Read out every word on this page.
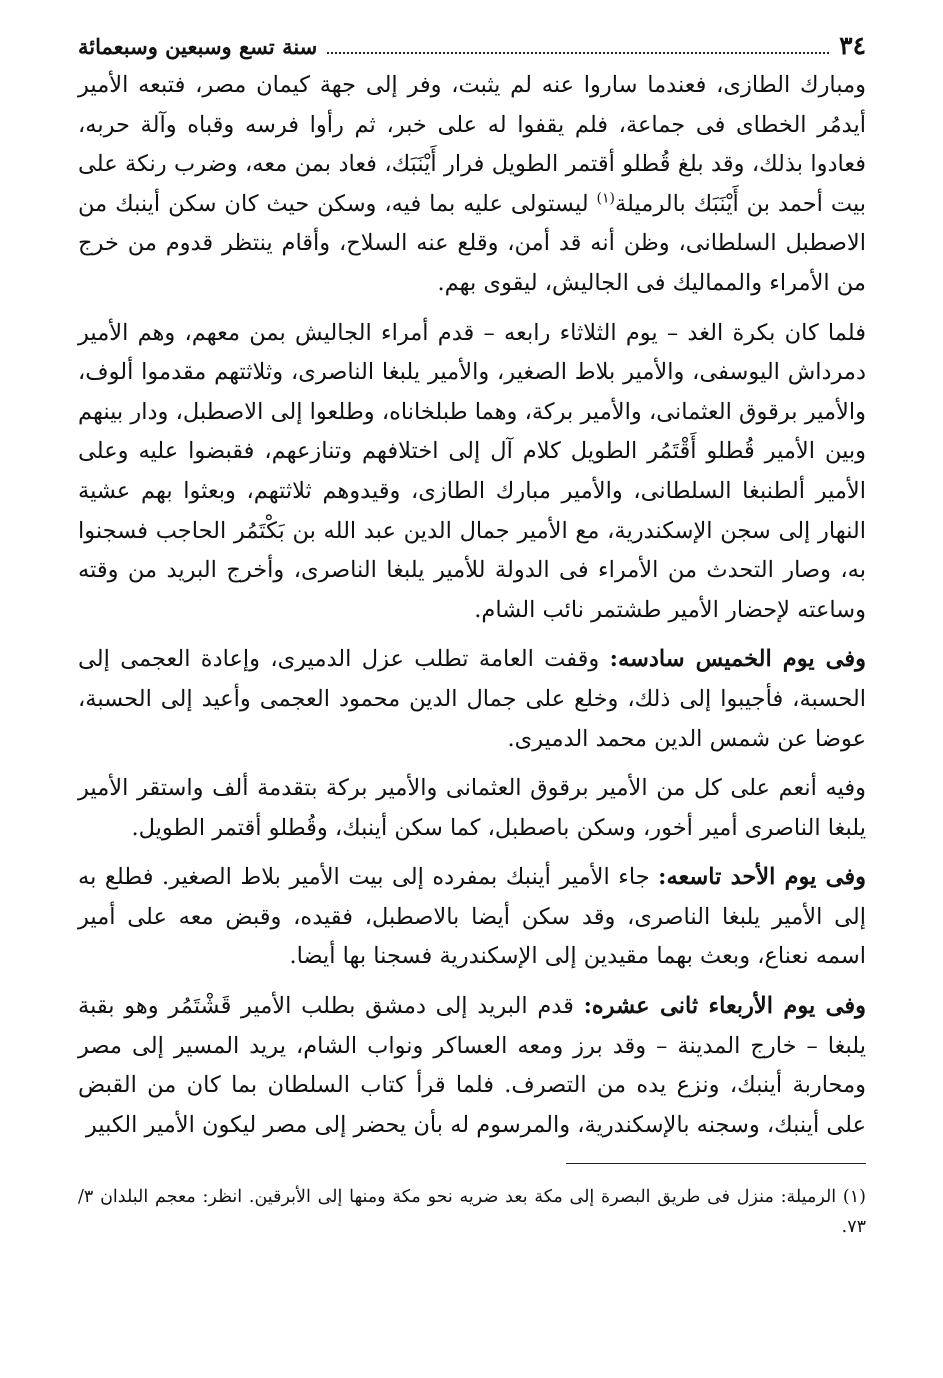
٣٤
سنة تسع وسبعين وسبعمائة

ومبارك الطازى، فعندما ساروا عنه لم يثبت، وفر إلى جهة كيمان مصر، فتبعه الأمير أيدمُر الخطاى فى جماعة، فلم يقفوا له على خبر، ثم رأوا فرسه وقباه وآلة حربه، فعادوا بذلك، وقد بلغ قُطلو أقتمر الطويل فرار أَيْنَبَك، فعاد بمن معه، وضرب رنكة على بيت أحمد بن أَيْنَبَك بالرميلة$^{(١)}$ ليستولى عليه بما فيه، وسكن حيث كان سكن أينبك من الاصطبل السلطانى، وظن أنه قد أمن، وقلع عنه السلاح، وأقام ينتظر قدوم من خرج من الأمراء والمماليك فى الجاليش، ليقوى بهم.

فلما كان بكرة الغد – يوم الثلاثاء رابعه – قدم أمراء الجاليش بمن معهم، وهم الأمير دمرداش اليوسفى، والأمير بلاط الصغير، والأمير يلبغا الناصرى، وثلاثتهم مقدموا ألوف، والأمير برقوق العثمانى، والأمير بركة، وهما طبلخاناه، وطلعوا إلى الاصطبل، ودار بينهم وبين الأمير قُطلو أَقْتَمُر الطويل كلام آل إلى اختلافهم وتنازعهم، فقبضوا عليه وعلى الأمير ألطنبغا السلطانى، والأمير مبارك الطازى، وقيدوهم ثلاثتهم، وبعثوا بهم عشية النهار إلى سجن الإسكندرية، مع الأمير جمال الدين عبد الله بن بَكْتَمُر الحاجب فسجنوا به، وصار التحدث من الأمراء فى الدولة للأمير يلبغا الناصرى، وأخرج البريد من وقته وساعته لإحضار الأمير طشتمر نائب الشام.

وفى يوم الخميس سادسه: وقفت العامة تطلب عزل الدميرى، وإعادة العجمى إلى الحسبة، فأجيبوا إلى ذلك، وخلع على جمال الدين محمود العجمى وأعيد إلى الحسبة، عوضا عن شمس الدين محمد الدميرى.

وفيه أنعم على كل من الأمير برقوق العثمانى والأمير بركة بتقدمة ألف واستقر الأمير يلبغا الناصرى أمير أخور، وسكن باصطبل، كما سكن أينبك، وقُطلو أقتمر الطويل.

وفى يوم الأحد تاسعه: جاء الأمير أينبك بمفرده إلى بيت الأمير بلاط الصغير. فطلع به إلى الأمير يلبغا الناصرى، وقد سكن أيضا بالاصطبل، فقيده، وقبض معه على أمير اسمه نعناع، وبعث بهما مقيدين إلى الإسكندرية فسجنا بها أيضا.

وفى يوم الأربعاء ثانى عشره: قدم البريد إلى دمشق بطلب الأمير قَشْتَمُر وهو بقبة يلبغا – خارج المدينة – وقد برز ومعه العساكر ونواب الشام، يريد المسير إلى مصر ومحاربة أينبك، ونزع يده من التصرف. فلما قرأ كتاب السلطان بما كان من القبض على أينبك، وسجنه بالإسكندرية، والمرسوم له بأن يحضر إلى مصر ليكون الأمير الكبير

(١) الرميلة: منزل فى طريق البصرة إلى مكة بعد ضريه نحو مكة ومنها إلى الأبرقين. انظر: معجم البلدان ٣/ ٧٣.
